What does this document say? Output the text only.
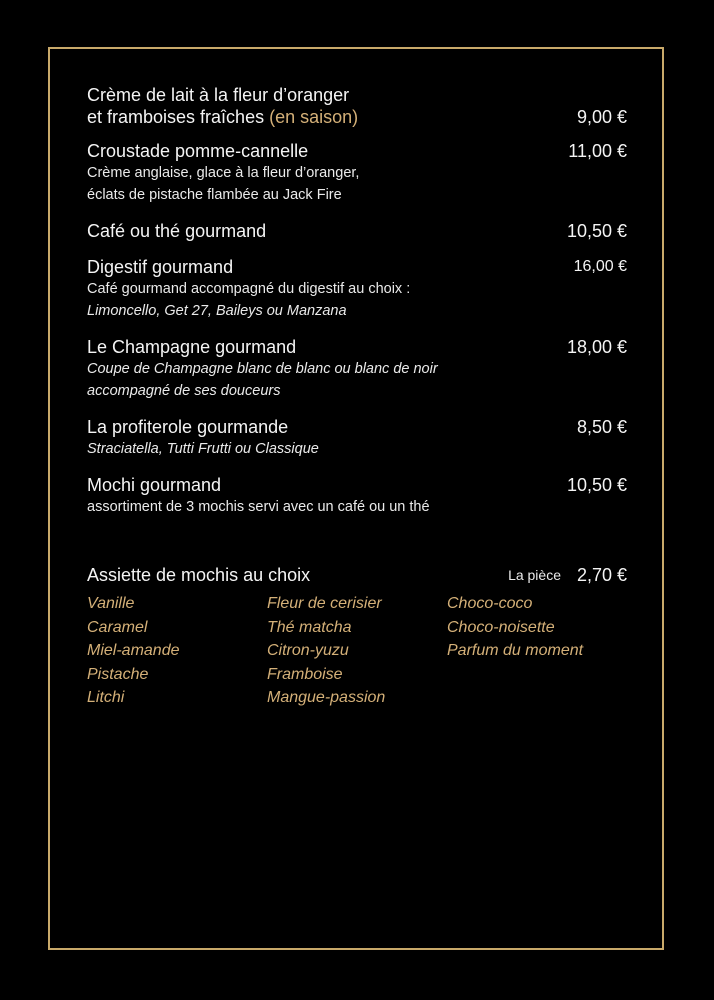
Crème de lait à la fleur d’oranger
et framboises fraîches (en saison)	9,00 €
11,00 €
Croustade pomme-cannelle
Crème anglaise, glace à la fleur d’oranger,
éclats de pistache flambée au Jack Fire
10,50 €
Café ou thé gourmand
16,00 €
Digestif gourmand
Café gourmand accompagné du digestif au choix :
Limoncello, Get 27, Baileys ou Manzana
18,00 €
Le Champagne gourmand
Coupe de Champagne blanc de blanc ou blanc de noir
accompagné de ses douceurs
8,50 €
La profiterole gourmande
Straciatella, Tutti Frutti ou Classique
10,50 €
Mochi gourmand
assortiment de 3 mochis servi avec un café ou un thé
Assiette de mochis au choix	La pièce 2,70 €
Vanille
Caramel
Miel-amande
Pistache
Litchi
Fleur de cerisier
Thé matcha
Citron-yuzu
Framboise
Mangue-passion
Choco-coco
Choco-noisette
Parfum du moment
